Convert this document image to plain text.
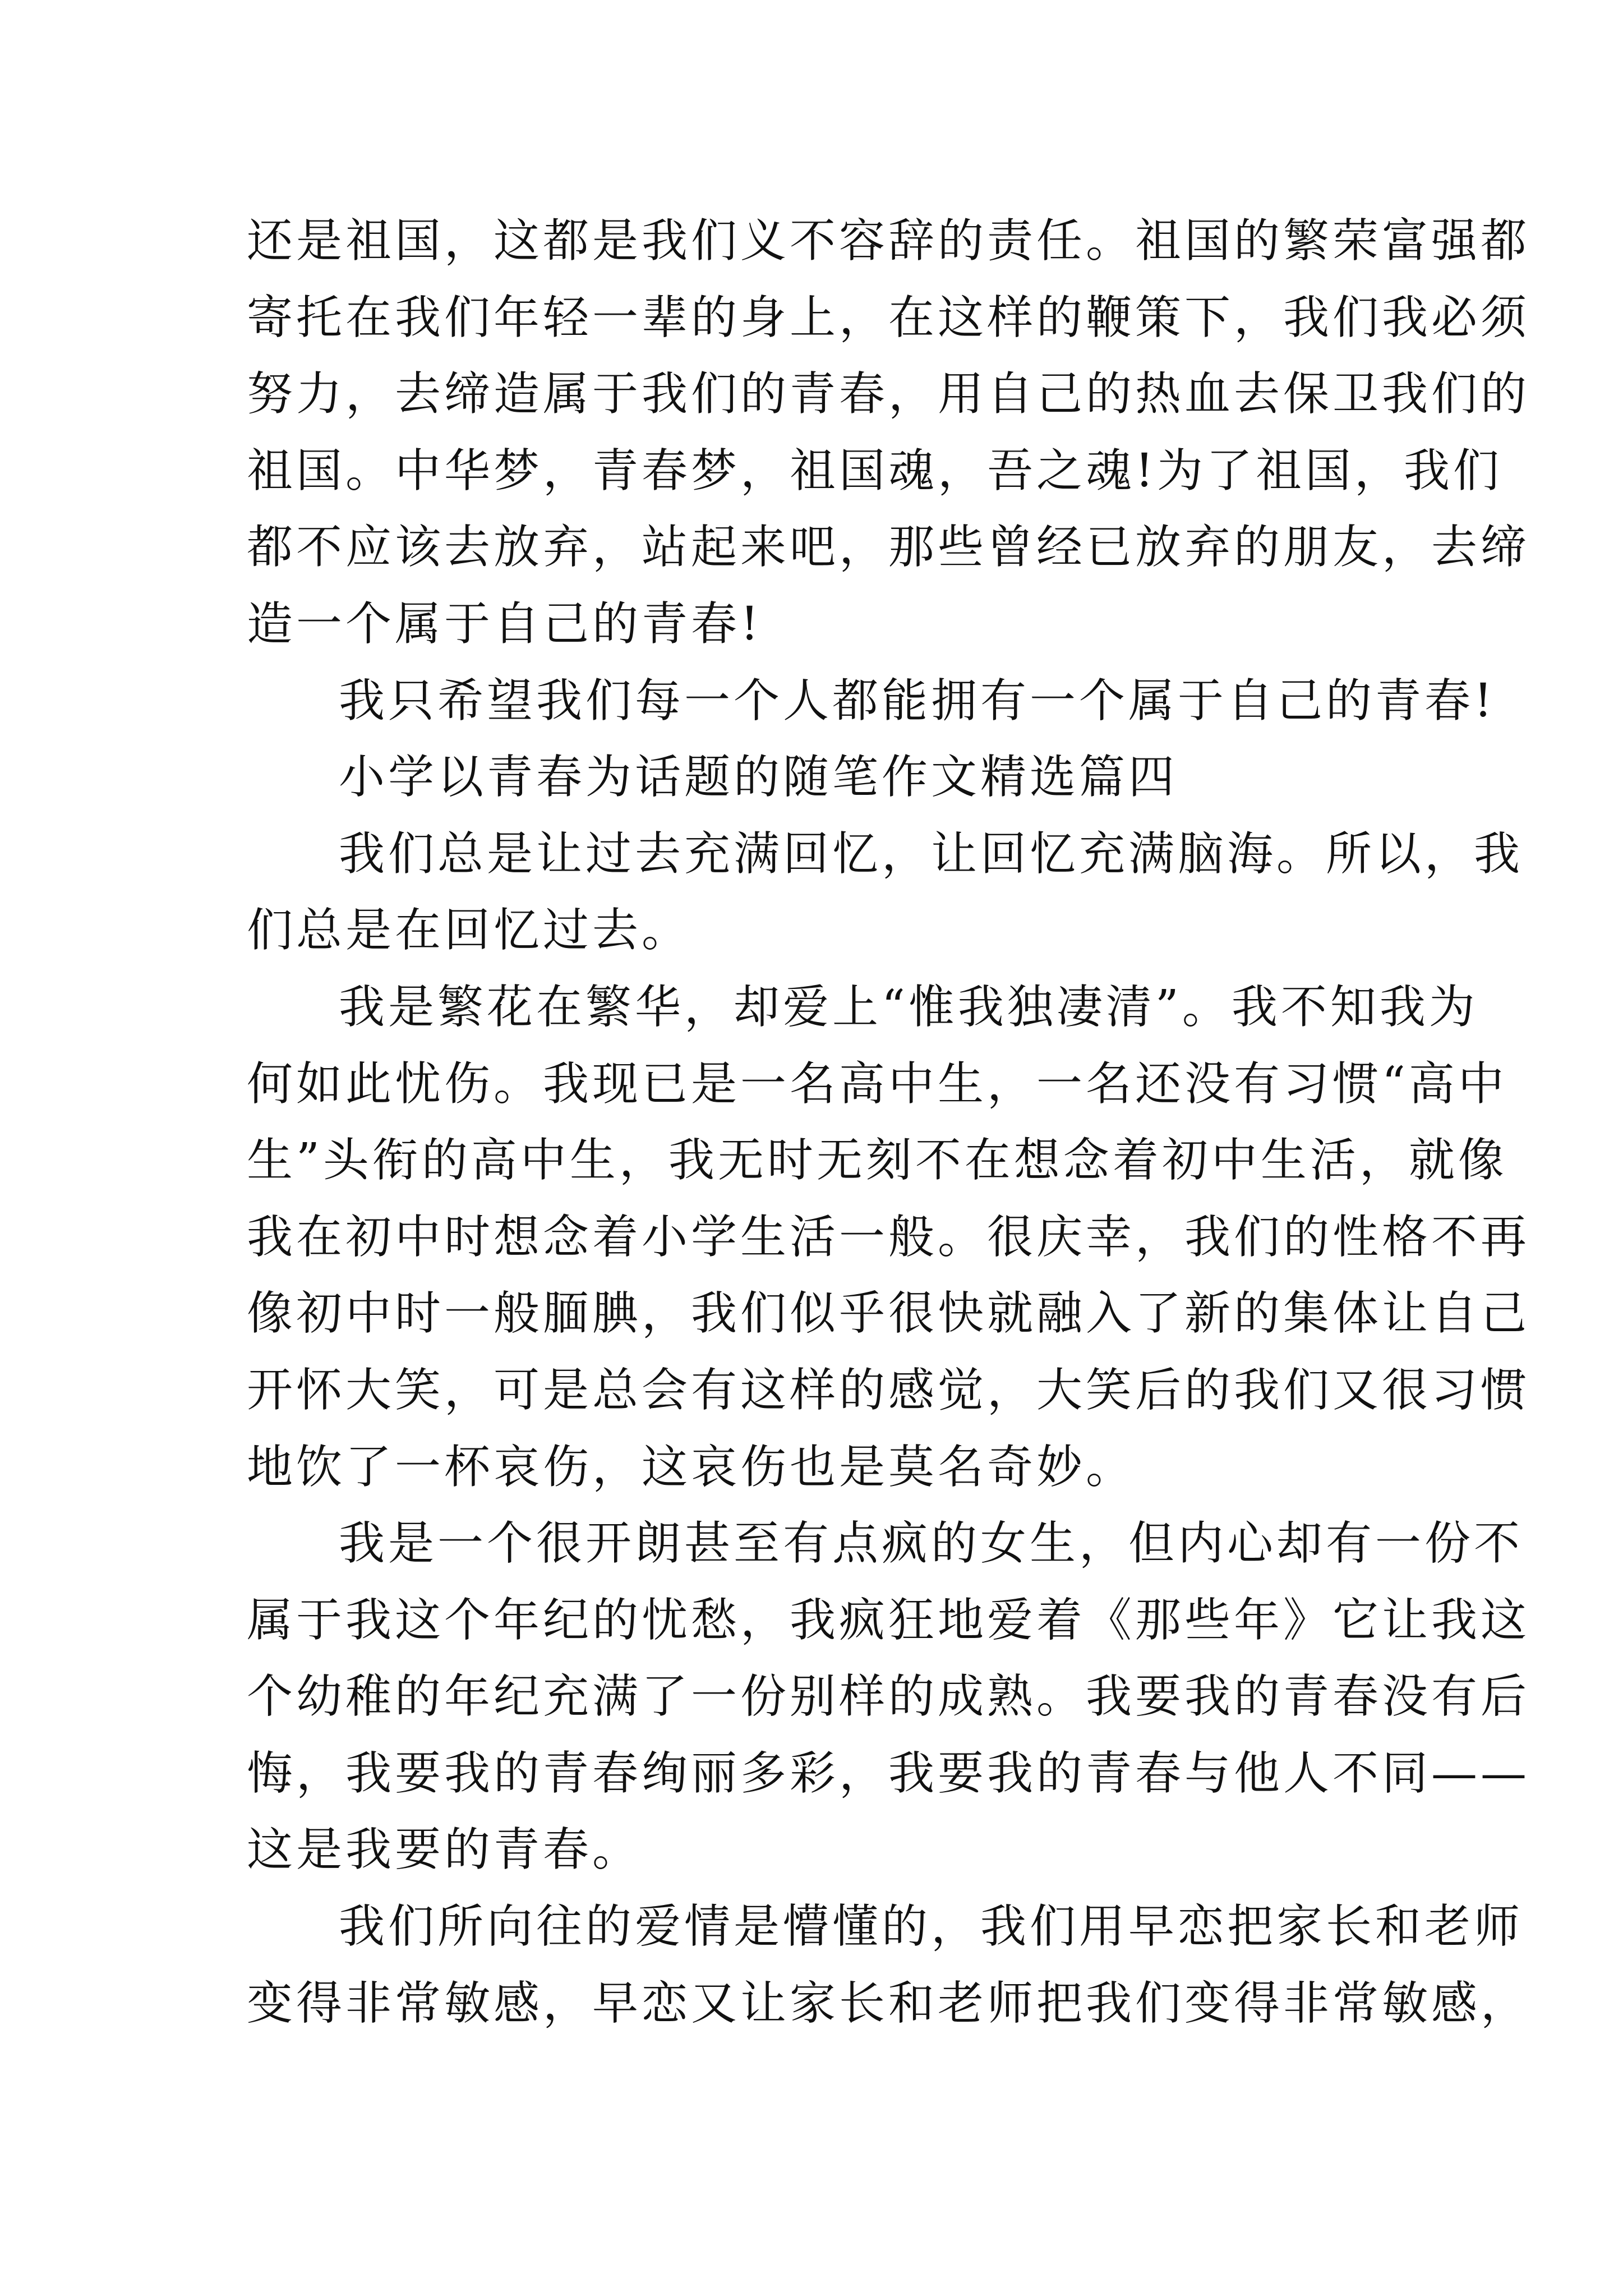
还是祖国，这都是我们义不容辞的责任。祖国的繁荣富强都
寄托在我们年轻一辈的身上，在这样的鞭策下，我们我必须
努力，去缔造属于我们的青春，用自己的热血去保卫我们的
祖国。中华梦，青春梦，祖国魂，吾之魂!为了祖国，我们
都不应该去放弃，站起来吧，那些曾经已放弃的朋友，去缔
造一个属于自己的青春!

我只希望我们每一个人都能拥有一个属于自己的青春!

小学以青春为话题的随笔作文精选篇四

我们总是让过去充满回忆，让回忆充满脑海。所以，我
们总是在回忆过去。

我是繁花在繁华，却爱上“惟我独凄清”。我不知我为
何如此忧伤。我现已是一名高中生，一名还没有习惯“高中
生”头衔的高中生，我无时无刻不在想念着初中生活，就像
我在初中时想念着小学生活一般。很庆幸，我们的性格不再
像初中时一般腼腆，我们似乎很快就融入了新的集体让自己
开怀大笑，可是总会有这样的感觉，大笑后的我们又很习惯
地饮了一杯哀伤，这哀伤也是莫名奇妙。

我是一个很开朗甚至有点疯的女生，但内心却有一份不
属于我这个年纪的忧愁，我疯狂地爱着《那些年》它让我这
个幼稚的年纪充满了一份别样的成熟。我要我的青春没有后
悔，我要我的青春绚丽多彩，我要我的青春与他人不同——
这是我要的青春。

我们所向往的爱情是懵懂的，我们用早恋把家长和老师
变得非常敏感，早恋又让家长和老师把我们变得非常敏感，
